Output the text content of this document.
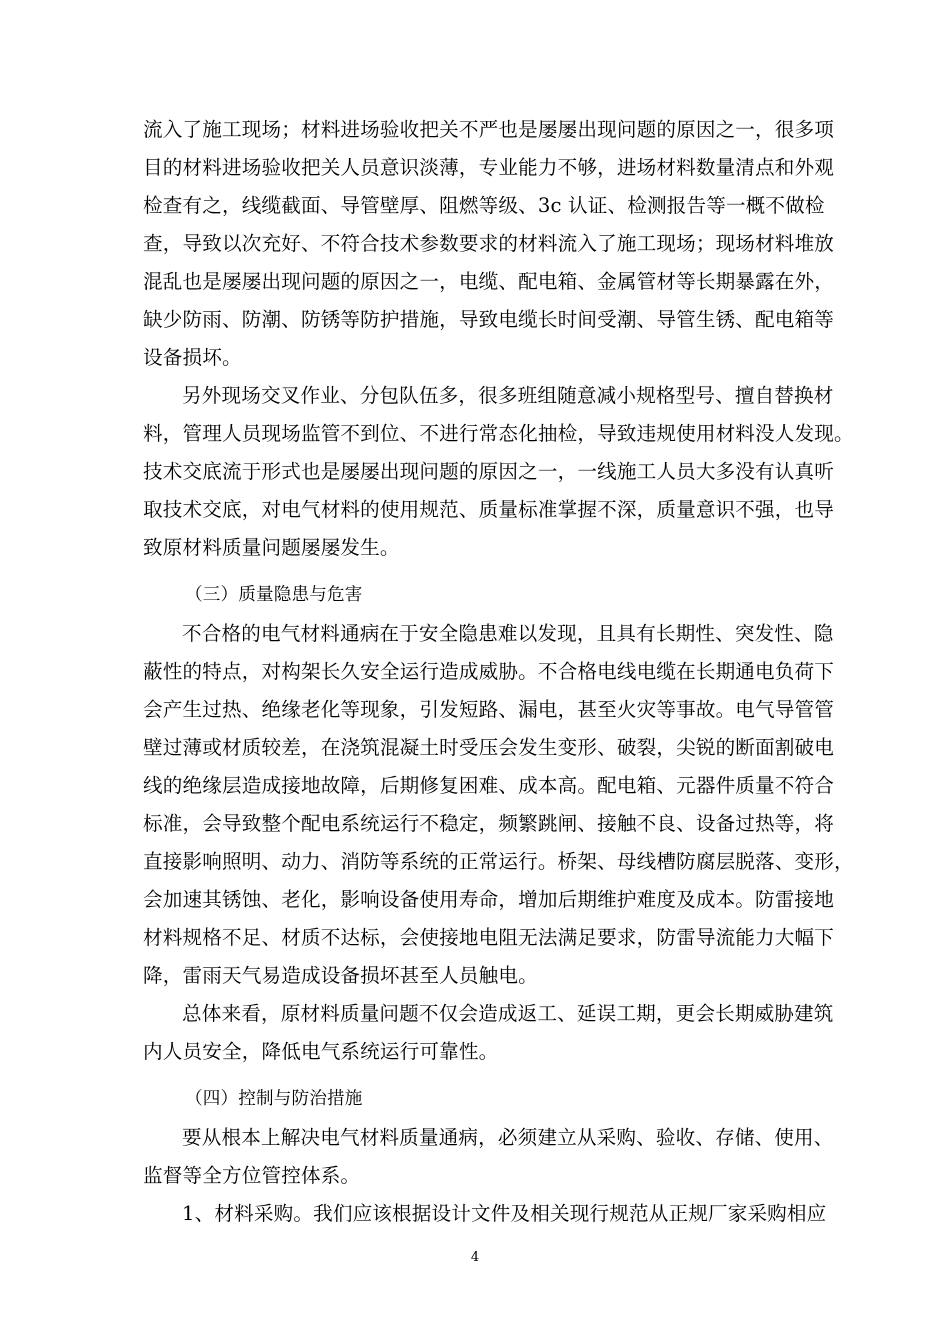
流入了施工现场；材料进场验收把关不严也是屡屡出现问题的原因之一，很多项
目的材料进场验收把关人员意识淡薄，专业能力不够，进场材料数量清点和外观
检查有之，线缆截面、导管壁厚、阻燃等级、3c 认证、检测报告等一概不做检
查，导致以次充好、不符合技术参数要求的材料流入了施工现场；现场材料堆放
混乱也是屡屡出现问题的原因之一，电缆、配电箱、金属管材等长期暴露在外，
缺少防雨、防潮、防锈等防护措施，导致电缆长时间受潮、导管生锈、配电箱等
设备损坏。
另外现场交叉作业、分包队伍多，很多班组随意减小规格型号、擅自替换材
料，管理人员现场监管不到位、不进行常态化抽检，导致违规使用材料没人发现。
技术交底流于形式也是屡屡出现问题的原因之一，一线施工人员大多没有认真听
取技术交底，对电气材料的使用规范、质量标准掌握不深，质量意识不强，也导
致原材料质量问题屡屡发生。
（三）质量隐患与危害
不合格的电气材料通病在于安全隐患难以发现，且具有长期性、突发性、隐
蔽性的特点，对构架长久安全运行造成威胁。不合格电线电缆在长期通电负荷下
会产生过热、绝缘老化等现象，引发短路、漏电，甚至火灾等事故。电气导管管
壁过薄或材质较差，在浇筑混凝土时受压会发生变形、破裂，尖锐的断面割破电
线的绝缘层造成接地故障，后期修复困难、成本高。配电箱、元器件质量不符合
标准，会导致整个配电系统运行不稳定，频繁跳闸、接触不良、设备过热等，将
直接影响照明、动力、消防等系统的正常运行。桥架、母线槽防腐层脱落、变形，
会加速其锈蚀、老化，影响设备使用寿命，增加后期维护难度及成本。防雷接地
材料规格不足、材质不达标，会使接地电阻无法满足要求，防雷导流能力大幅下
降，雷雨天气易造成设备损坏甚至人员触电。
总体来看，原材料质量问题不仅会造成返工、延误工期，更会长期威胁建筑
内人员安全，降低电气系统运行可靠性。
（四）控制与防治措施
要从根本上解决电气材料质量通病，必须建立从采购、验收、存储、使用、
监督等全方位管控体系。
1、材料采购。我们应该根据设计文件及相关现行规范从正规厂家采购相应
4
